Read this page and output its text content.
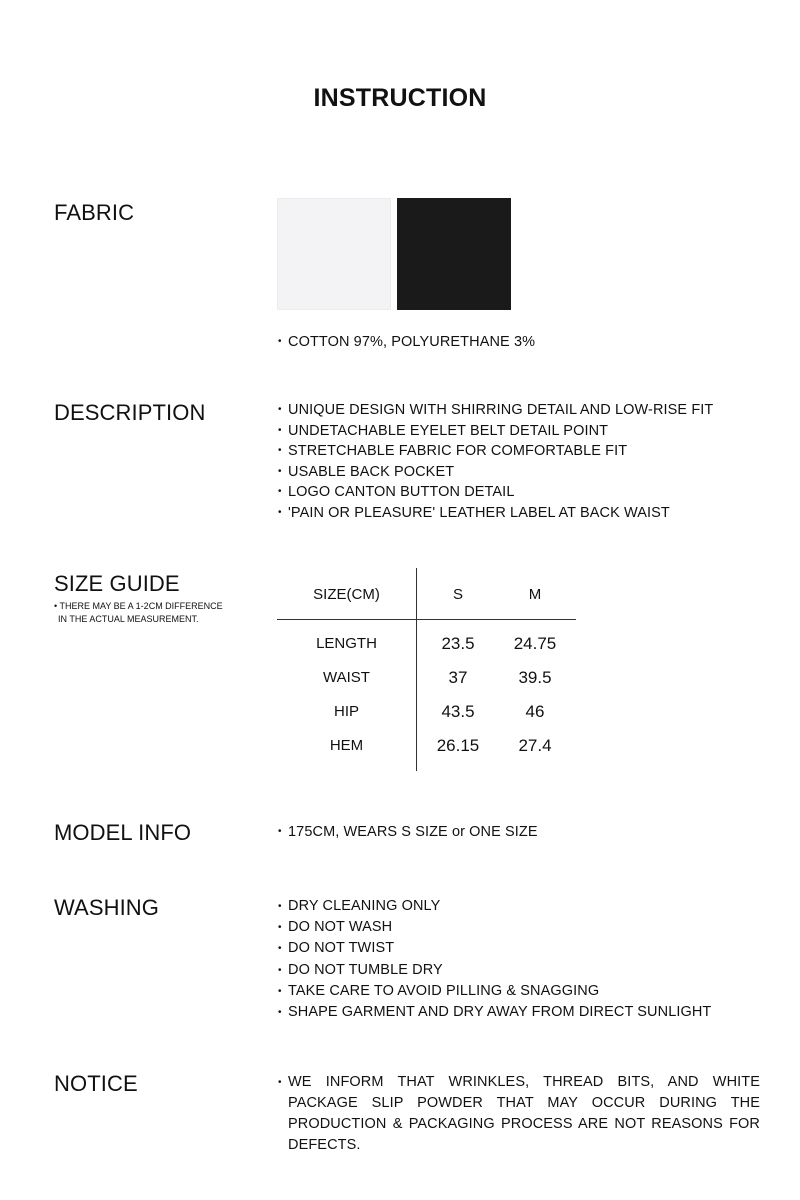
INSTRUCTION
FABRIC
• COTTON 97%, POLYURETHANE 3%
DESCRIPTION	• UNIQUE DESIGN WITH SHIRRING DETAIL AND LOW-RISE FIT
• UNDETACHABLE EYELET BELT DETAIL POINT
• STRETCHABLE FABRIC FOR COMFORTABLE FIT
• USABLE BACK POCKET
• LOGO CANTON BUTTON DETAIL
• 'PAIN OR PLEASURE' LEATHER LABEL AT BACK WAIST
SIZE GUIDE
• THERE MAY BE A 1-2CM DIFFERENCE
IN THE ACTUAL MEASUREMENT.
SIZE(CM)	S	M
LENGTH	23.5	24.75
WAIST	37	39.5
HIP	43.5	46
HEM	26.15	27.4
MODEL INFO	• 175CM, WEARS S SIZE or ONE SIZE
WASHING	• DRY CLEANING ONLY
• DO NOT WASH
• DO NOT TWIST
• DO NOT TUMBLE DRY
• TAKE CARE TO AVOID PILLING & SNAGGING
• SHAPE GARMENT AND DRY AWAY FROM DIRECT SUNLIGHT
NOTICE	• WE INFORM THAT WRINKLES, THREAD BITS, AND WHITE PACKAGE SLIP POWDER THAT MAY OCCUR DURING THE PRODUCTION & PACKAGING PROCESS ARE NOT REASONS FOR DEFECTS.
